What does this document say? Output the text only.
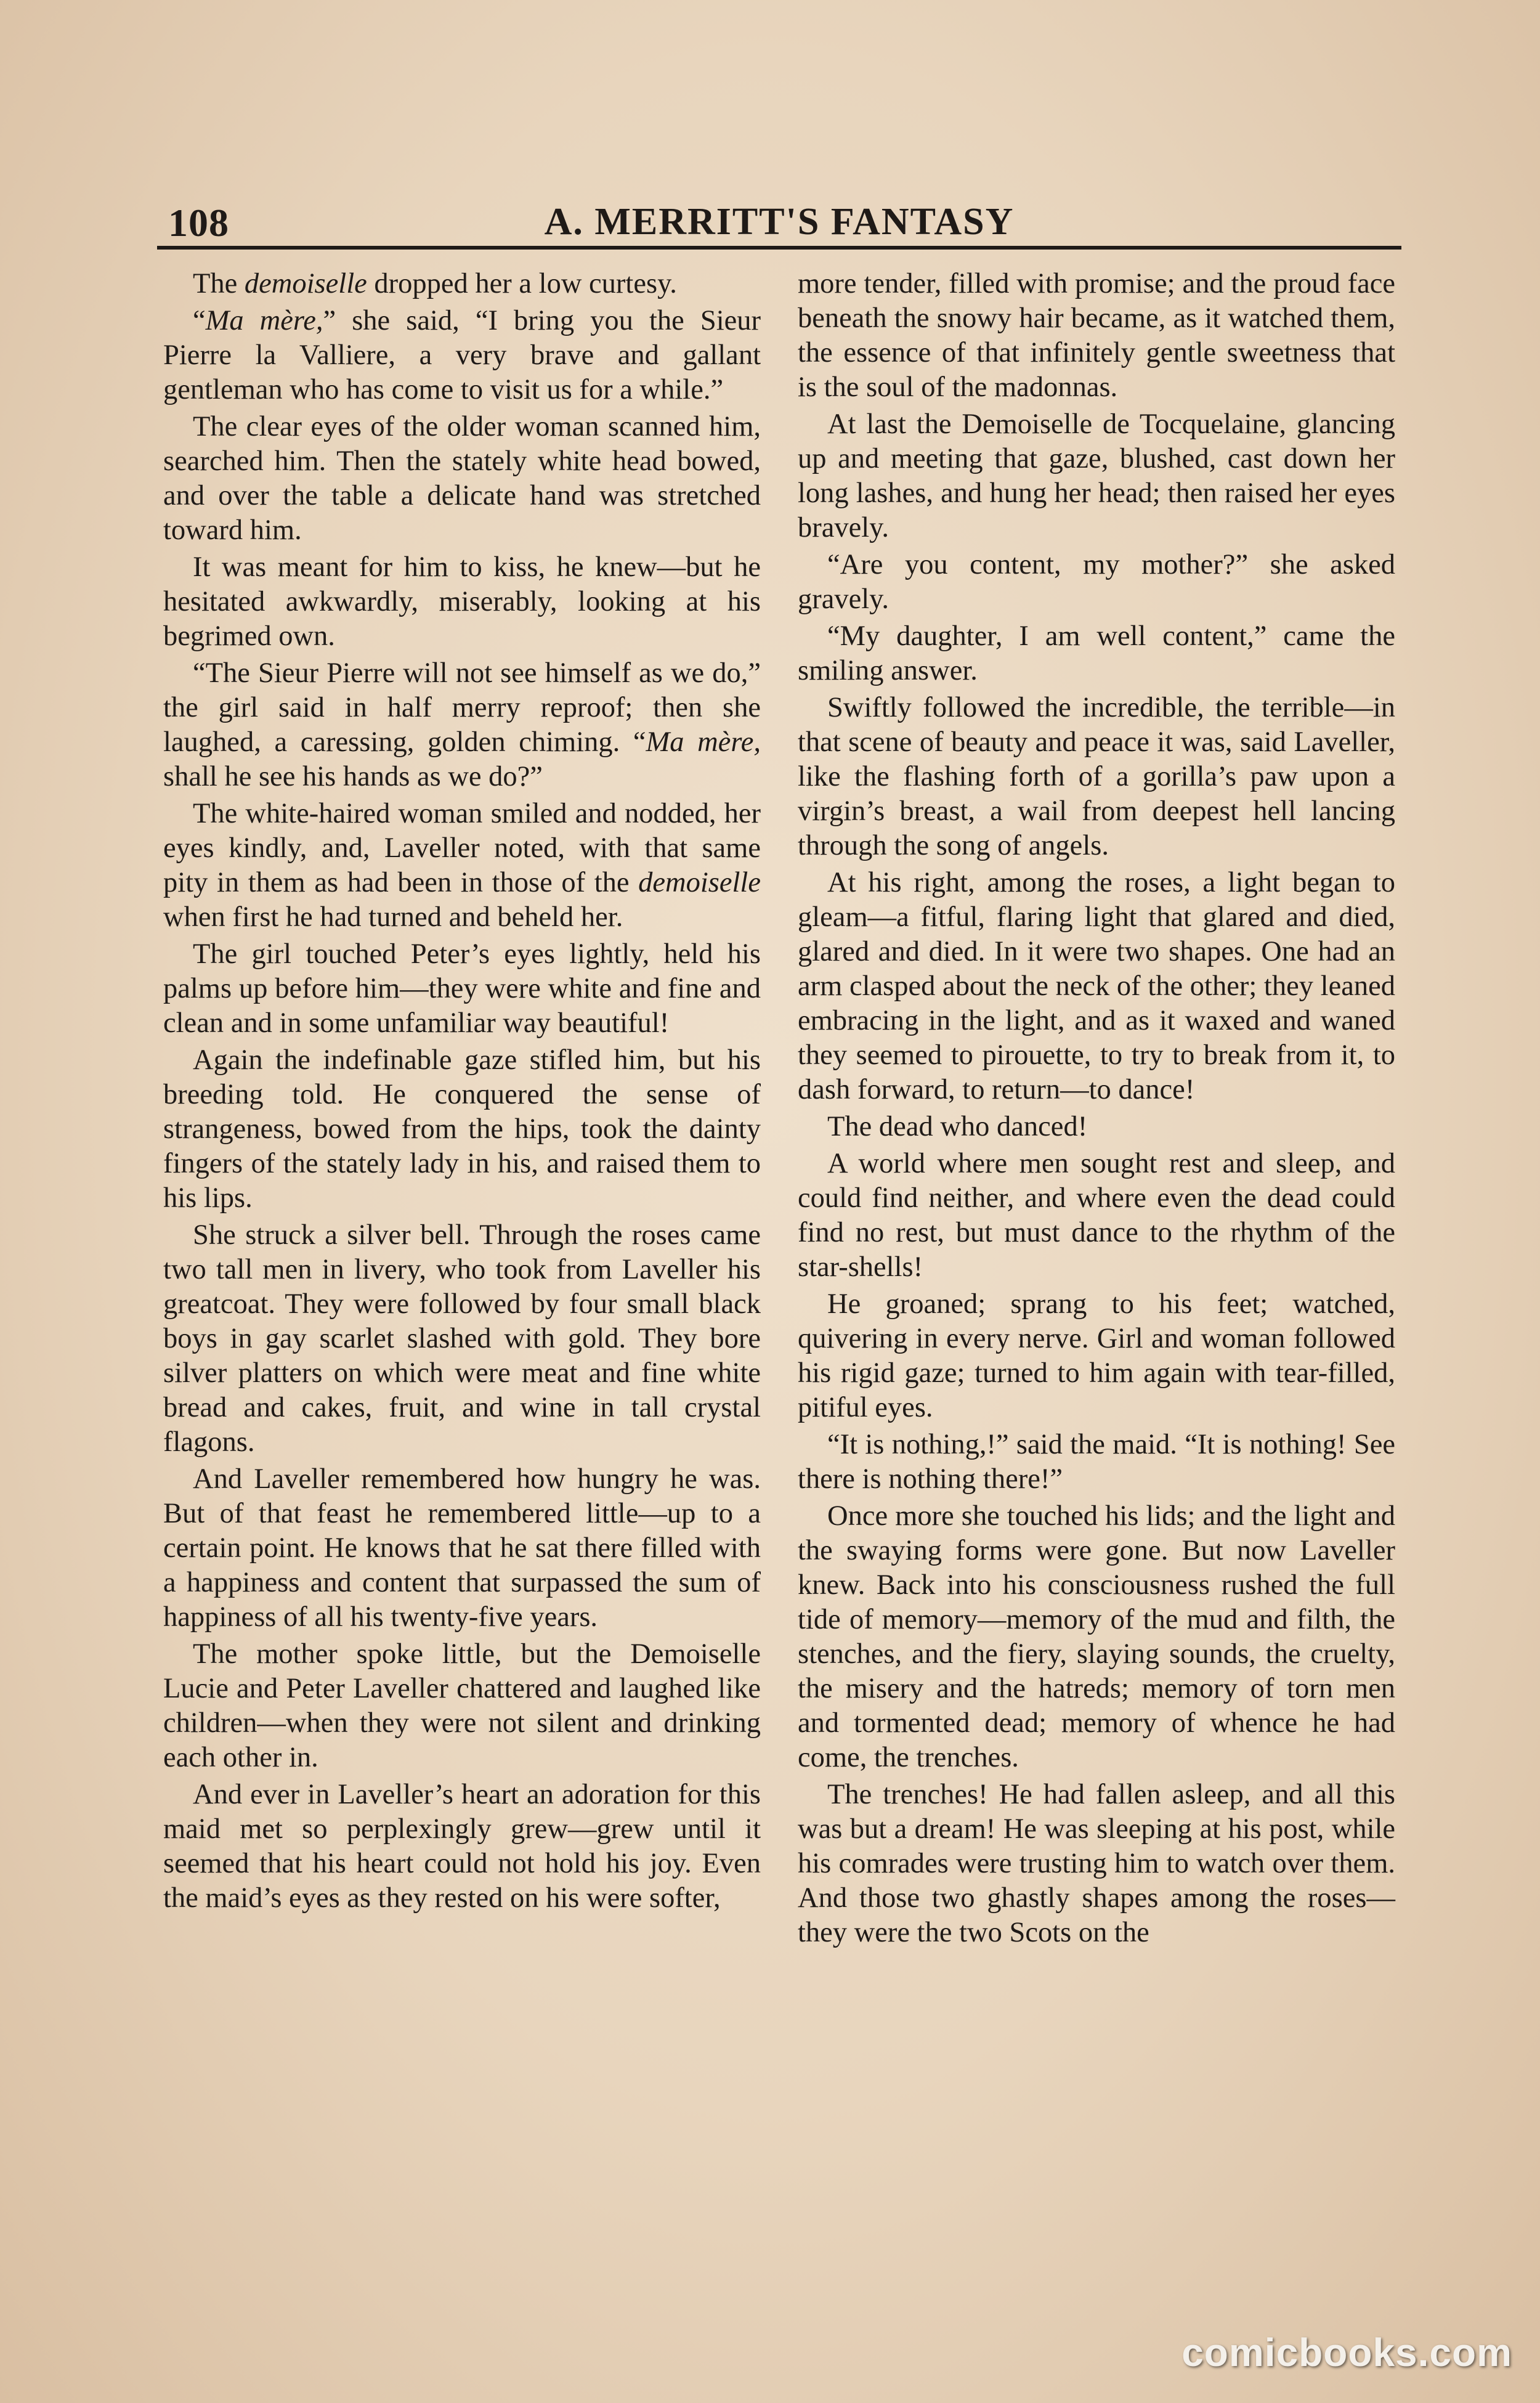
108	A. MERRITT'S FANTASY

The demoiselle dropped her a low curtesy.

“Ma mère,” she said, “I bring you the Sieur Pierre la Valliere, a very brave and gallant gentleman who has come to visit us for a while.”

The clear eyes of the older woman scanned him, searched him. Then the stately white head bowed, and over the table a delicate hand was stretched toward him.

It was meant for him to kiss, he knew—but he hesitated awkwardly, miserably, looking at his begrimed own.

“The Sieur Pierre will not see himself as we do,” the girl said in half merry reproof; then she laughed, a caressing, golden chiming. “Ma mère, shall he see his hands as we do?”

The white-haired woman smiled and nodded, her eyes kindly, and, Laveller noted, with that same pity in them as had been in those of the demoiselle when first he had turned and beheld her.

The girl touched Peter’s eyes lightly, held his palms up before him—they were white and fine and clean and in some unfamiliar way beautiful!

Again the indefinable gaze stifled him, but his breeding told. He conquered the sense of strangeness, bowed from the hips, took the dainty fingers of the stately lady in his, and raised them to his lips.

She struck a silver bell. Through the roses came two tall men in livery, who took from Laveller his greatcoat. They were followed by four small black boys in gay scarlet slashed with gold. They bore silver platters on which were meat and fine white bread and cakes, fruit, and wine in tall crystal flagons.

And Laveller remembered how hungry he was. But of that feast he remembered little—up to a certain point. He knows that he sat there filled with a happiness and content that surpassed the sum of happiness of all his twenty-five years.

The mother spoke little, but the Demoiselle Lucie and Peter Laveller chattered and laughed like children—when they were not silent and drinking each other in.

And ever in Laveller’s heart an adoration for this maid met so perplexingly grew—grew until it seemed that his heart could not hold his joy. Even the maid’s eyes as they rested on his were softer,

more tender, filled with promise; and the proud face beneath the snowy hair became, as it watched them, the essence of that infinitely gentle sweetness that is the soul of the madonnas.

At last the Demoiselle de Tocquelaine, glancing up and meeting that gaze, blushed, cast down her long lashes, and hung her head; then raised her eyes bravely.

“Are you content, my mother?” she asked gravely.

“My daughter, I am well content,” came the smiling answer.

Swiftly followed the incredible, the terrible—in that scene of beauty and peace it was, said Laveller, like the flashing forth of a gorilla’s paw upon a virgin’s breast, a wail from deepest hell lancing through the song of angels.

At his right, among the roses, a light began to gleam—a fitful, flaring light that glared and died, glared and died. In it were two shapes. One had an arm clasped about the neck of the other; they leaned embracing in the light, and as it waxed and waned they seemed to pirouette, to try to break from it, to dash forward, to return—to dance!

The dead who danced!

A world where men sought rest and sleep, and could find neither, and where even the dead could find no rest, but must dance to the rhythm of the star-shells!

He groaned; sprang to his feet; watched, quivering in every nerve. Girl and woman followed his rigid gaze; turned to him again with tear-filled, pitiful eyes.

“It is nothing,!” said the maid. “It is nothing! See there is nothing there!”

Once more she touched his lids; and the light and the swaying forms were gone. But now Laveller knew. Back into his consciousness rushed the full tide of memory—memory of the mud and filth, the stenches, and the fiery, slaying sounds, the cruelty, the misery and the hatreds; memory of torn men and tormented dead; memory of whence he had come, the trenches.

The trenches! He had fallen asleep, and all this was but a dream! He was sleeping at his post, while his comrades were trusting him to watch over them. And those two ghastly shapes among the roses—they were the two Scots on the

comicbooks.com
